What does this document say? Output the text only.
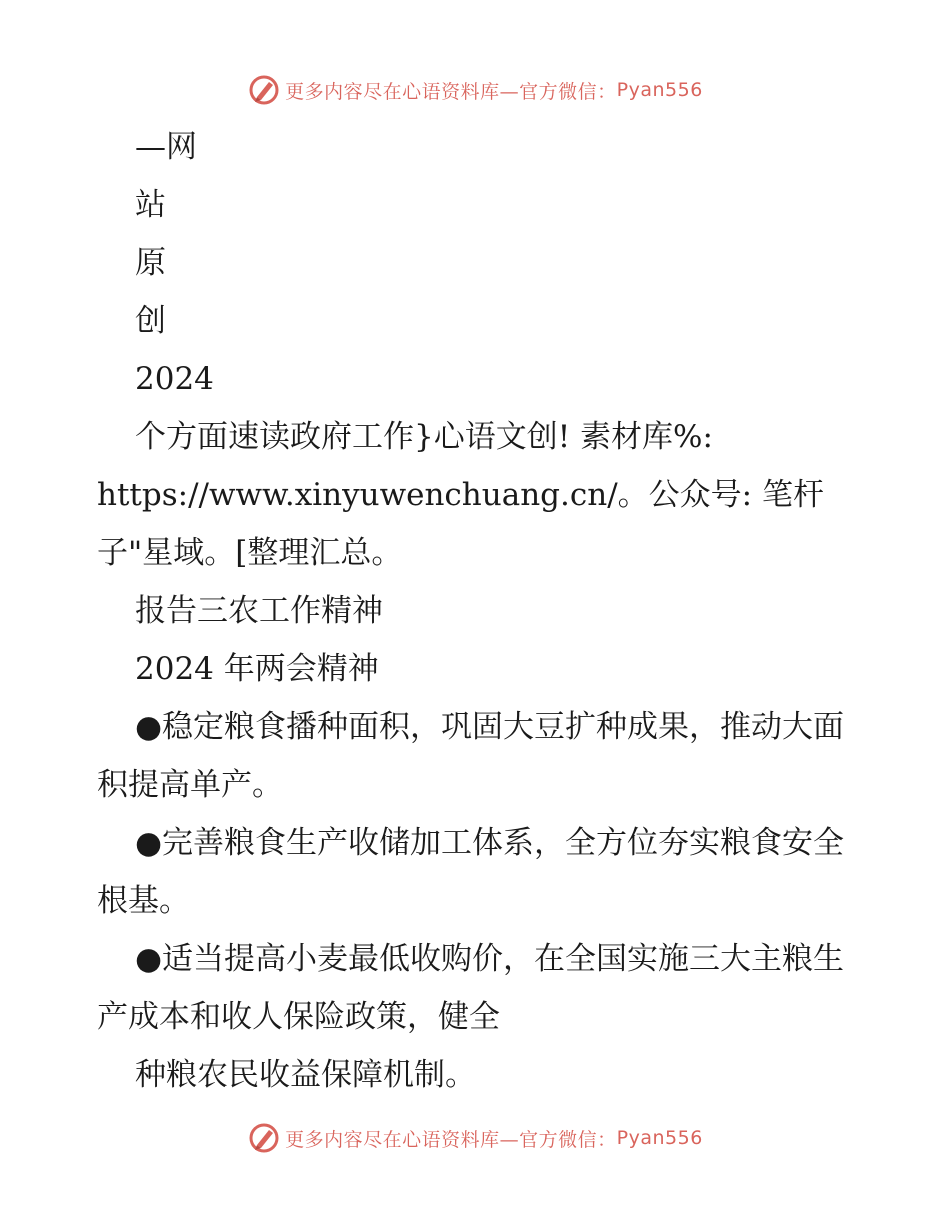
更多内容尽在心语资料库—官方微信： Pyan556

—网

站

原

创

2024

个方面速读政府工作}心语文创! 素材库%:

https://www.xinyuwenchuang.cn/。公众号: 笔杆子"星域。[整理汇总。

报告三农工作精神

2024 年两会精神

●稳定粮食播种面积，巩固大豆扩种成果，推动大面积提高单产。

●完善粮食生产收储加工体系，全方位夯实粮食安全根基。

●适当提高小麦最低收购价，在全国实施三大主粮生产成本和收人保险政策，健全

种粮农民收益保障机制。

更多内容尽在心语资料库—官方微信： Pyan556
